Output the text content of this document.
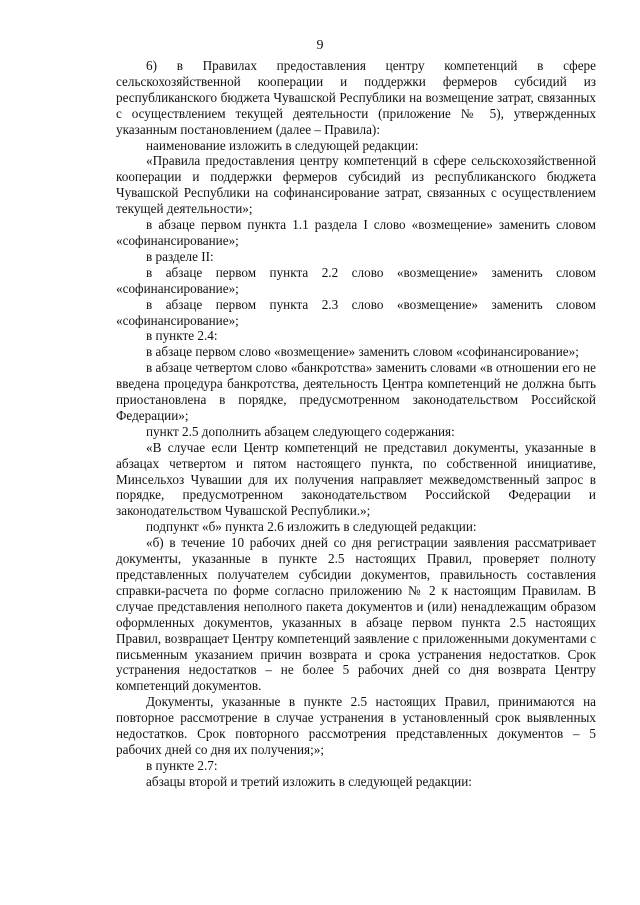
9

6) в Правилах предоставления центру компетенций в сфере сельскохозяйственной кооперации и поддержки фермеров субсидий из республиканского бюджета Чувашской Республики на возмещение затрат, связанных с осуществлением текущей деятельности (приложение № 5), утвержденных указанным постановлением (далее – Правила):

наименование изложить в следующей редакции:

«Правила предоставления центру компетенций в сфере сельскохозяйственной кооперации и поддержки фермеров субсидий из республиканского бюджета Чувашской Республики на софинансирование затрат, связанных с осуществлением текущей деятельности»;

в абзаце первом пункта 1.1 раздела I слово «возмещение» заменить словом «софинансирование»;

в разделе II:

в абзаце первом пункта 2.2 слово «возмещение» заменить словом «софинансирование»;

в абзаце первом пункта 2.3 слово «возмещение» заменить словом «софинансирование»;

в пункте 2.4:

в абзаце первом слово «возмещение» заменить словом «софинансирование»;

в абзаце четвертом слово «банкротства» заменить словами «в отношении его не введена процедура банкротства, деятельность Центра компетенций не должна быть приостановлена в порядке, предусмотренном законодательством Российской Федерации»;

пункт 2.5 дополнить абзацем следующего содержания:

«В случае если Центр компетенций не представил документы, указанные в абзацах четвертом и пятом настоящего пункта, по собственной инициативе, Минсельхоз Чувашии для их получения направляет межведомственный запрос в порядке, предусмотренном законодательством Российской Федерации и законодательством Чувашской Республики.»;

подпункт «б» пункта 2.6 изложить в следующей редакции:

«б) в течение 10 рабочих дней со дня регистрации заявления рассматривает документы, указанные в пункте 2.5 настоящих Правил, проверяет полноту представленных получателем субсидии документов, правильность составления справки-расчета по форме согласно приложению № 2 к настоящим Правилам. В случае представления неполного пакета документов и (или) ненадлежащим образом оформленных документов, указанных в абзаце первом пункта 2.5 настоящих Правил, возвращает Центру компетенций заявление с приложенными документами с письменным указанием причин возврата и срока устранения недостатков. Срок устранения недостатков – не более 5 рабочих дней со дня возврата Центру компетенций документов.

Документы, указанные в пункте 2.5 настоящих Правил, принимаются на повторное рассмотрение в случае устранения в установленный срок выявленных недостатков. Срок повторного рассмотрения представленных документов – 5 рабочих дней со дня их получения;»;

в пункте 2.7:

абзацы второй и третий изложить в следующей редакции:
